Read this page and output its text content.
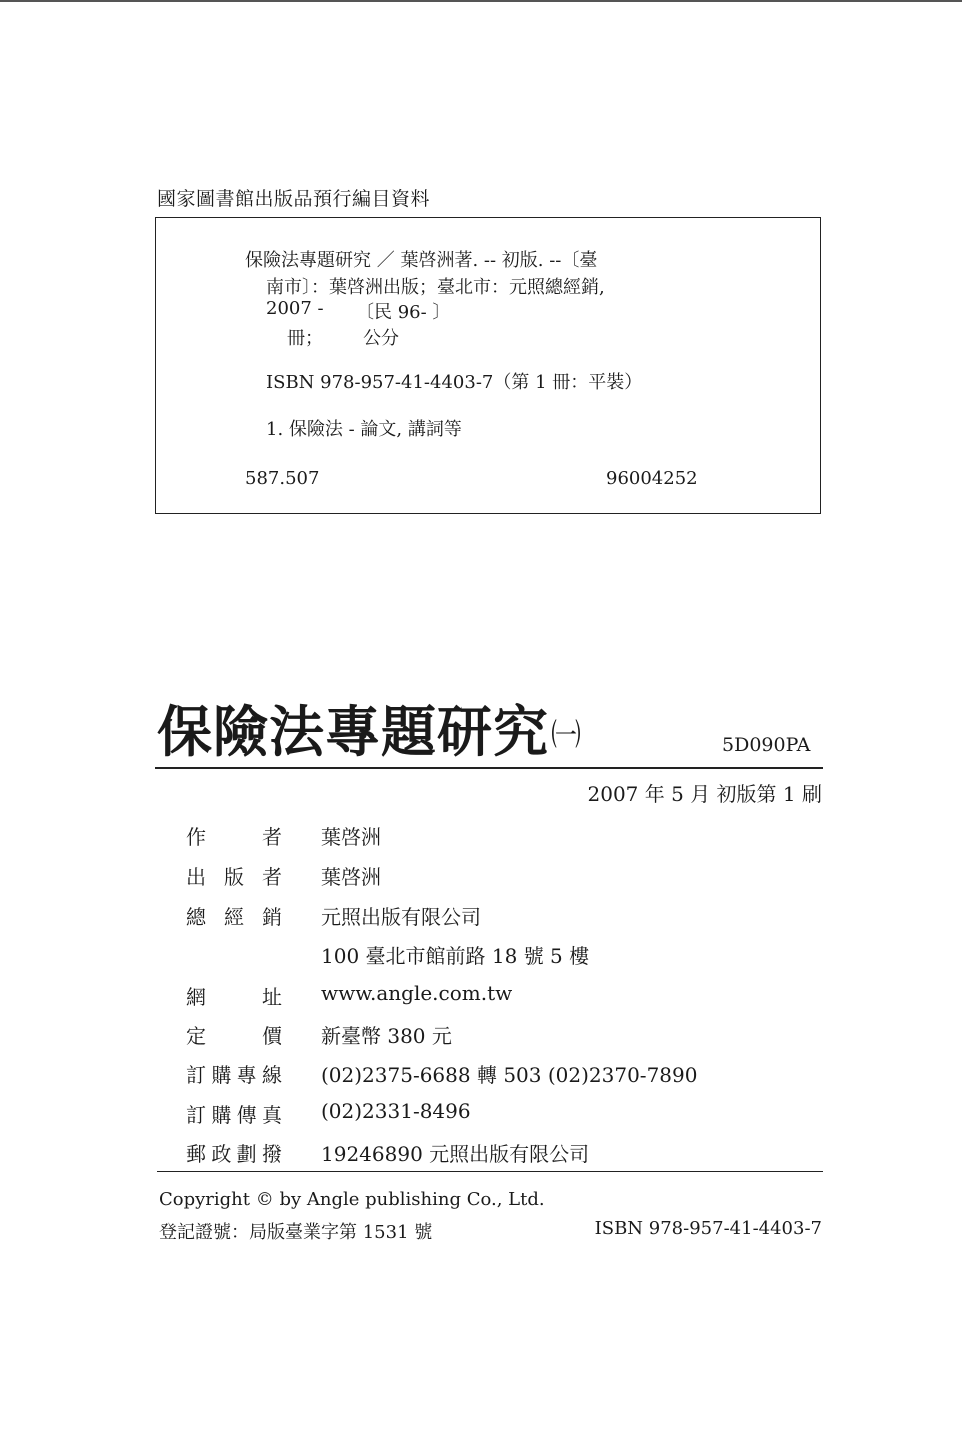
國家圖書館出版品預行編目資料
保險法專題研究 ／ 葉啓洲著. -- 初版. --〔臺
南市〕：葉啓洲出版；臺北市：元照總經銷,
2007 - 〔民 96- 〕
冊； 公分
ISBN 978-957-41-4403-7（第 1 冊：平裝）
1. 保險法 - 論文, 講詞等
587.507	96004252
保險法專題研究㈠	5D090PA
2007 年 5 月 初版第 1 刷
作　者 葉啓洲
出版者 葉啓洲
總經銷 元照出版有限公司
100 臺北市館前路 18 號 5 樓
網　址 www.angle.com.tw
定　價 新臺幣 380 元
訂購專線 (02)2375-6688 轉 503 (02)2370-7890
訂購傳真 (02)2331-8496
郵政劃撥 19246890 元照出版有限公司
Copyright © by Angle publishing Co., Ltd.
登記證號：局版臺業字第 1531 號	ISBN 978-957-41-4403-7
